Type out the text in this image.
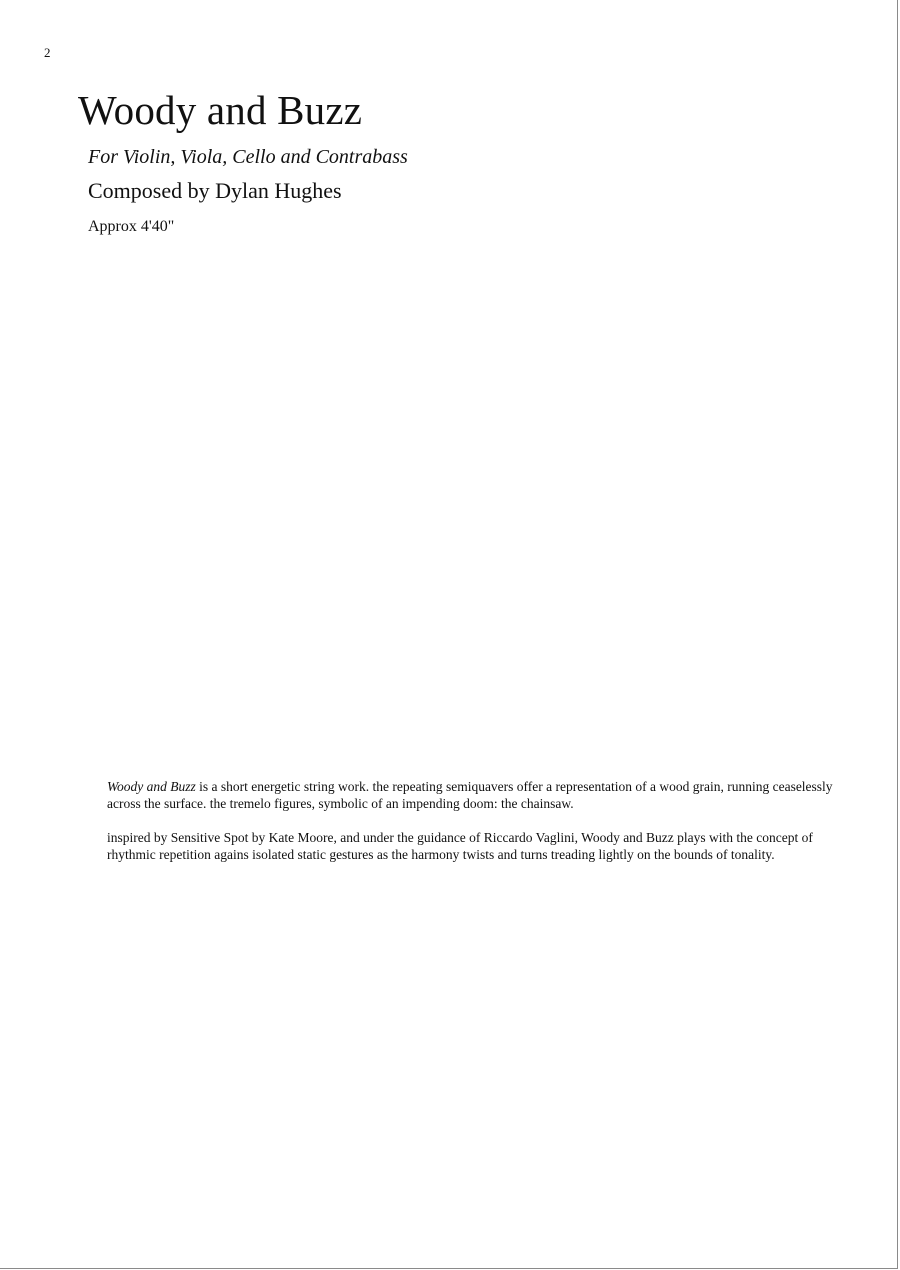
2
Woody and Buzz
For Violin, Viola, Cello and Contrabass
Composed by Dylan Hughes
Approx 4'40"

Woody and Buzz is a short energetic string work. the repeating semiquavers offer a representation of a wood grain, running ceaselessly across the surface. the tremelo figures, symbolic of an impending doom: the chainsaw.

inspired by Sensitive Spot by Kate Moore, and under the guidance of Riccardo Vaglini, Woody and Buzz plays with the concept of rhythmic repetition agains isolated static gestures as the harmony twists and turns treading lightly on the bounds of tonality.
